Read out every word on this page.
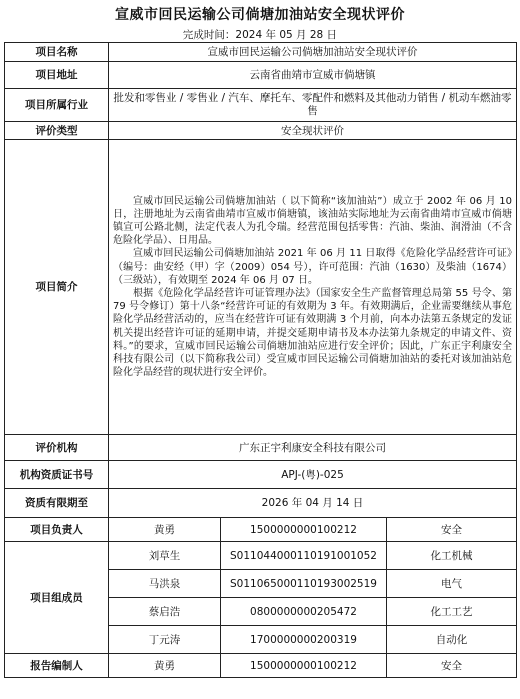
宣威市回民运输公司倘塘加油站安全现状评价
完成时间：2024 年 05 月 28 日
项目名称	宣威市回民运输公司倘塘加油站安全现状评价		
项目地址	云南省曲靖市宣威市倘塘镇		
项目所属行业	批发和零售业 / 零售业 / 汽车、摩托车、零配件和燃料及其他动力销售 / 机动车燃油零售		
评价类型	安全现状评价		
项目简介	宣威市回民运输公司倘塘加油站（ 以下简称“该加油站”）成立于 2002 年 06 月 10 日，注册地址为云南省曲靖市宣威市倘塘镇，该油站实际地址为云南省曲靖市宣威市倘塘镇宣可公路北侧，法定代表人为孔令瑞。经营范围包括零售：汽油、柴油、润滑油（不含危险化学品）、日用品。

宣威市回民运输公司倘塘加油站 2021 年 06 月 11 日取得《危险化学品经营许可证》（编号：曲安经（甲）字（2009）054 号），许可范围：汽油（1630）及柴油（1674）（三级站），有效期至 2024 年 06 月 07 日。

根据《危险化学品经营许可证管理办法》（国家安全生产监督管理总局第 55 号令、第 79 号令修订）第十八条“经营许可证的有效期为 3 年。有效期满后，企业需要继续从事危险化学品经营活动的，应当在经营许可证有效期满 3 个月前，向本办法第五条规定的发证机关提出经营许可证的延期申请，并提交延期申请书及本办法第九条规定的申请文件、资料。”的要求，宣威市回民运输公司倘塘加油站应进行安全评价；因此，广东正宇利康安全科技有限公司（以下简称我公司）受宣威市回民运输公司倘塘加油站的委托对该加油站危险化学品经营的现状进行安全评价。		

评价机构	广东正宇利康安全科技有限公司		
机构资质证书号	APJ-(粤)-025		
资质有限期至	2026 年 04 月 14 日		
项目负责人	黄勇	1500000000100212	安全
项目组成员	刘草生	S011044000110191001052	化工机械
	马洪泉	S011065000110193002519	电气
	蔡启浩	0800000000205472	化工工艺
	丁元涛	1700000000200319	自动化
报告编制人	黄勇	1500000000100212	安全
